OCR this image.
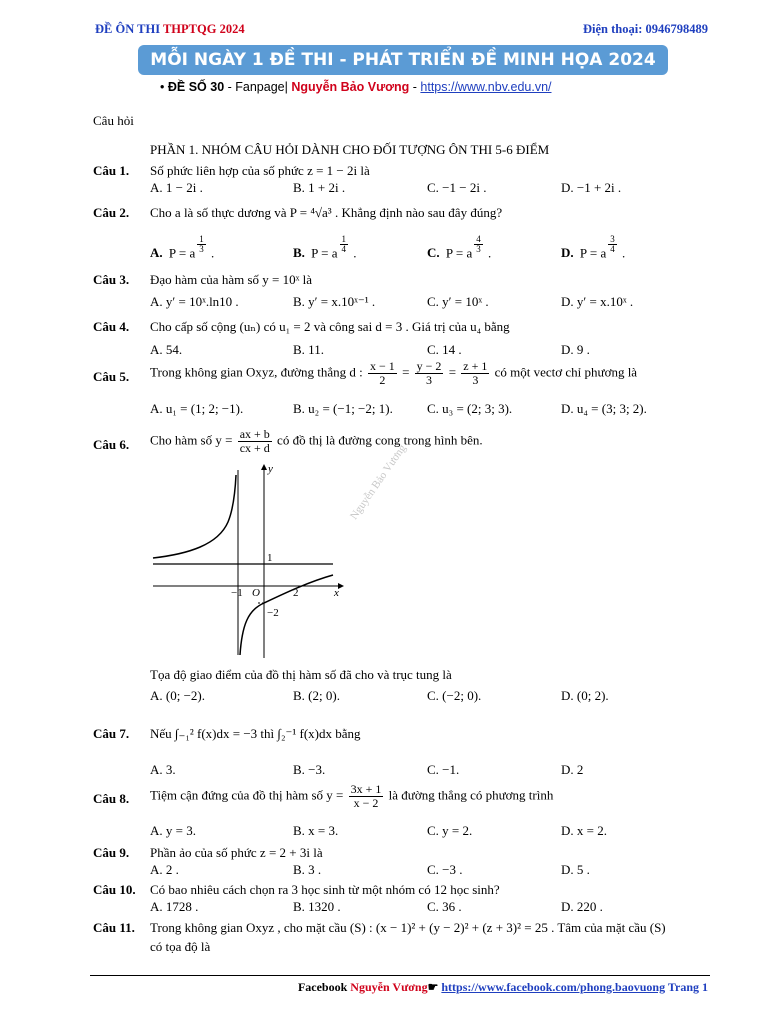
ĐỀ ÔN THI THPTQG 2024	Điện thoại: 0946798489
MỖI NGÀY 1 ĐỀ THI - PHÁT TRIỂN ĐỀ MINH HỌA 2024
• ĐỀ SỐ 30 - Fanpage| Nguyễn Bảo Vương - https://www.nbv.edu.vn/
Câu hỏi
PHẦN 1. NHÓM CÂU HỎI DÀNH CHO ĐỐI TƯỢNG ÔN THI 5-6 ĐIỂM
Câu 1. Số phức liên hợp của số phức z = 1 − 2i là
A. 1 − 2i .	B. 1 + 2i .	C. −1 − 2i .	D. −1 + 2i .
Câu 2. Cho a là số thực dương và P = ⁴√a³ . Khẳng định nào sau đây đúng?
A. P = a $\frac{1}{3}$ .	B. P = a $\frac{1}{4}$ .	C. P = a $\frac{4}{3}$ .	D. P = a $\frac{3}{4}$ .
Câu 3. Đạo hàm của hàm số y = 10ˣ là
A. y′ = 10ˣ.ln10 .	B. y′ = x.10ˣ⁻¹ .	C. y′ = 10ˣ .	D. y′ = x.10ˣ .
Câu 4. Cho cấp số cộng (uₙ) có u₁ = 2 và công sai d = 3 . Giá trị của u₄ bằng
A. 54.	B. 11.	C. 14 .	D. 9 .
Câu 5. Trong không gian Oxyz, đường thẳng d : $\frac{x - 1}{2} = \frac{y - 2}{3} = \frac{z + 1}{3}$ có một vectơ chỉ phương là
A. u₁ = (1; 2; −1).	B. u₂ = (−1; −2; 1).	C. u₃ = (2; 3; 3).	D. u₄ = (3; 3; 2).
Câu 6. Cho hàm số $y = \frac{ax + b}{cx + d}$ có đồ thị là đường cong trong hình bên.
y
x
1
O
−1	2
−2
Nguyễn Bảo Vương
Tọa độ giao điểm của đồ thị hàm số đã cho và trục tung là
A. (0; −2).	B. (2; 0).	C. (−2; 0).	D. (0; 2).
Câu 7. Nếu ∫₋₁² f(x)dx = −3 thì ∫₂⁻¹ f(x)dx bằng
A. 3.	B. −3.	C. −1.	D. 2
Câu 8. Tiệm cận đứng của đồ thị hàm số $y = \frac{3x + 1}{x - 2}$ là đường thẳng có phương trình
A. y = 3.	B. x = 3.	C. y = 2.	D. x = 2.
Câu 9. Phần ảo của số phức z = 2 + 3i là
A. 2 .	B. 3 .	C. −3 .	D. 5 .
Câu 10. Có bao nhiêu cách chọn ra 3 học sinh từ một nhóm có 12 học sinh?
A. 1728 .	B. 1320 .	C. 36 .	D. 220 .
Câu 11. Trong không gian Oxyz , cho mặt cầu (S) : (x − 1)² + (y − 2)² + (z + 3)² = 25 . Tâm của mặt cầu (S)
có tọa độ là
Facebook Nguyễn Vương☛ https://www.facebook.com/phong.baovuong Trang 1
